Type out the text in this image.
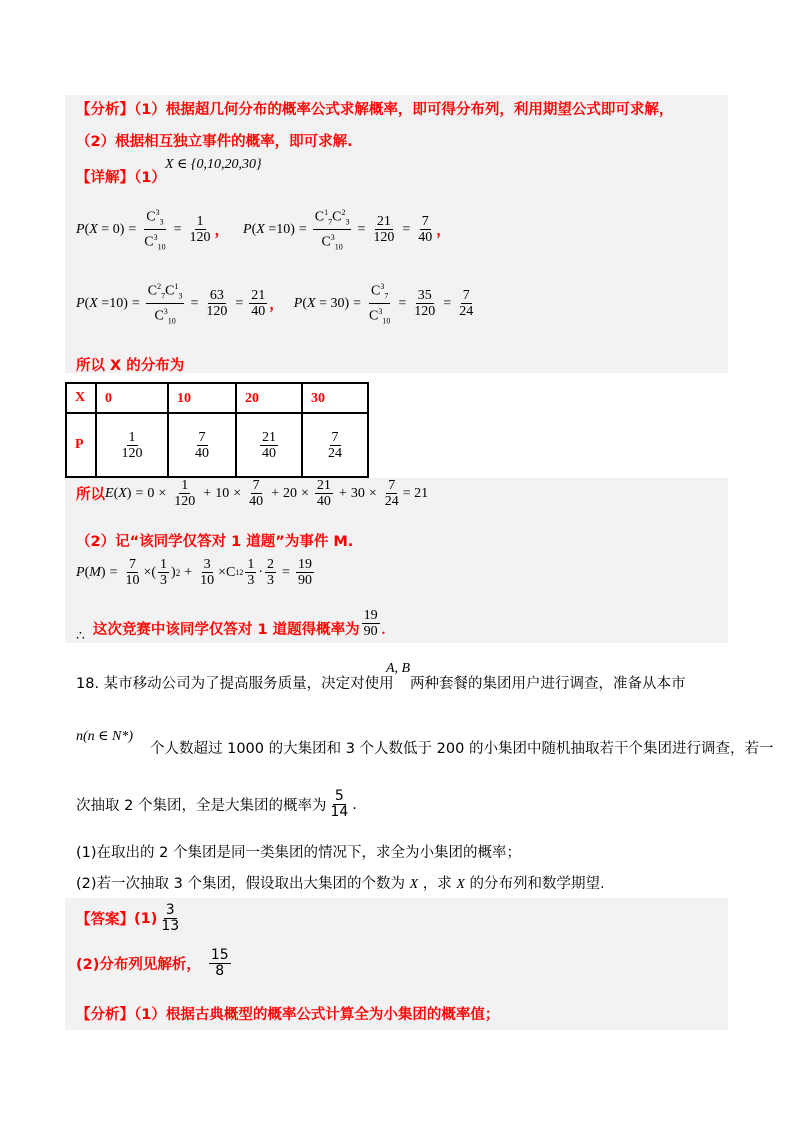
【分析】（1）根据超几何分布的概率公式求解概率，即可得分布列，利用期望公式即可求解，
（2）根据相互独立事件的概率，即可求解.
【详解】（1）
X ∈ {0,10,20,30}
P ( $X = 0) = \frac{C^3_3}{C^3_{10}} = \frac{1}{120}$ ， P ( $X =10) = \frac{C^1_7C^2_3}{C^3_{10}} = \frac{21}{120} = \frac{7}{40}$ ，
P ( $X =10) = \frac{C^2_7C^1_3}{C^3_{10}} = \frac{63}{120} = \frac{21}{40}$ ， P ( $X = 30) = \frac{C^3_7}{C^3_{10}} = \frac{35}{120} = \frac{7}{24}$
所以 X 的分布为
X	0	10	20	30
P	$\frac{1}{120}$	$\frac{7}{40}$	$\frac{21}{40}$	$\frac{7}{24}$
所以 E ( X ) = $0 \times \frac{1}{120} + 10 \times \frac{7}{40} + 20 \times \frac{21}{40} + 30 \times \frac{7}{24} = 21$
（2）记“该同学仅答对 1 道题”为事件 M.
P ( M ) = $\frac{7}{10}$ ×( $\frac{1}{3}$ ) $2 + \frac{3}{10} \times C$ 1 $2 \frac{1}{3} \cdot \frac{2}{3} = \frac{19}{90}$
∴ 这次竞赛中该同学仅答对 1 道题得概率为 $\frac{19}{90}$ .
18. 某市移动公司为了提高服务质量，决定对使用
A, B
两种套餐的集团用户进行调查，准备从本市
n(n ∈ N*)
个人数超过 1000 的大集团和 3 个人数低于 200 的小集团中随机抽取若干个集团进行调查，若一
次抽取 2 个集团，全是大集团的概率为 $\frac{5}{14}$ .
(1)在取出的 2 个集团是同一类集团的情况下，求全为小集团的概率；
(2)若一次抽取 3 个集团，假设取出大集团的个数为 X ，求 X 的分布列和数学期望.
【答案】 $(1) \frac{3}{13}$
(2)分布列见解析， $\frac{15}{8}$
【分析】（1）根据古典概型的概率公式计算全为小集团的概率值；
